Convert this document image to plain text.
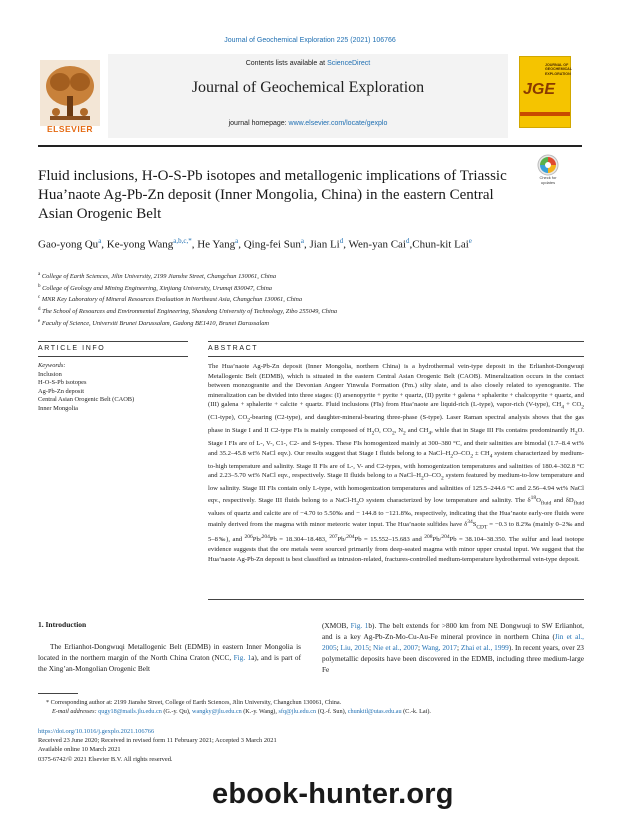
Journal of Geochemical Exploration 225 (2021) 106766
ELSEVIER
Contents lists available at ScienceDirect
Journal of Geochemical Exploration
journal homepage: www.elsevier.com/locate/gexplo
JOURNAL OF GEOCHEMICAL EXPLORATION
JGE
Fluid inclusions, H-O-S-Pb isotopes and metallogenic implications of Triassic Hua’naote Ag-Pb-Zn deposit (Inner Mongolia, China) in the eastern Central Asian Orogenic Belt
Check for updates
Gao-yong Qu$^a$, Ke-yong Wang$^{a,b,c,*}$, He Yang$^a$, Qing-fei Sun$^a$, Jian Li$^d$, Wen-yan Cai$^d$,Chun-kit Lai$^e$
$^a$ College of Earth Sciences, Jilin University, 2199 Jianshe Street, Changchun 130061, China
$^b$ College of Geology and Mining Engineering, Xinjiang University, Urumqi 830047, China
$^c$ MNR Key Laboratory of Mineral Resources Evaluation in Northeast Asia, Changchun 130061, China
$^d$ The School of Resources and Environmental Engineering, Shandong University of Technology, Zibo 255049, China
$^e$ Faculty of Science, Universiti Brunei Darussalam, Gadong BE1410, Brunei Darussalam
ARTICLE INFO	ABSTRACT
Keywords:
Inclusion
H-O-S-Pb isotopes
Ag-Pb-Zn deposit
Central Asian Orogenic Belt (CAOB)
Inner Mongolia
The Hua’naote Ag-Pb-Zn deposit (Inner Mongolia, northern China) is a hydrothermal vein-type deposit in the Erlianhot-Dongwuqi Metallogenic Belt (EDMB), which is situated in the eastern Central Asian Orogenic Belt (CAOB). Mineralization occurs in the contact between monzogranite and the Devonian Angeer Yinwula Formation (Fm.) silty slate, and is also closely related to syenogranite. The mineralization can be divided into three stages: (I) arsenopyrite + pyrite + quartz, (II) pyrite + galena + sphalerite + chalcopyrite + quartz, and (III) galena + sphalerite + calcite + quartz. Fluid inclusions (FIs) from Hua’naote are liquid-rich (L-type), vapor-rich (V-type), $CH_4 + CO_2$ (C1-type), $CO_2$-bearing (C2-type), and daughter-mineral-bearing three-phase (S-type). Laser Raman spectral analysis shows that the gas phase in Stage I and II C2-type FIs is mainly composed of $H_2O$, $CO_2$, $N_2$ and $CH_4$, while that in Stage III FIs contains predominantly $H_2O$. Stage I FIs are of L-, V-, C1-, C2- and S-types. These FIs homogenized mainly at 300–380 °C, and their salinities are bimodal (1.7–8.4 wt% and 35.2–45.8 wt% NaCl eqv.). Our results suggest that Stage I fluids belong to a NaCl–$H_2O-CO_2 \pm CH_4$ system characterized by medium-to-high temperature and salinity. Stage II FIs are of L-, V- and C2-types, with homogenization temperatures and salinities of 180.4–302.8 °C and 2.23–5.70 wt% NaCl eqv., respectively. Stage II fluids belong to a NaCl–$H_2O-CO_2$ system featured by medium-to-low temperature and low salinity. Stage III FIs contain only L-type, with homogenization temperatures and salinities of 125.5–244.6 °C and 2.56–4.94 wt% NaCl eqv., respectively. Stage III fluids belong to a NaCl-$H_2O$ system characterized by low temperature and salinity. The $\delta^{18}O_{fluid}$ and $\delta D_{fluid}$ values of quartz and calcite are of −4.70 to 5.50‰ and − 144.8 to −121.8‰, respectively, indicating that the Hua’naote early-ore fluids were mainly derived from the magma with minor meteoric water input. The Hua’naote sulfides have $\delta^{34}S_{CDT} = -0.3$ to 8.2‰ (mainly 0–2‰ and 5–8‰), and $^{206}$Pb/$^{204}$Pb = 18.304–18.483, $^{207}$Pb/$^{204}$Pb = 15.552–15.683 and $^{208}$Pb/$^{204}$Pb = 38.104–38.350. The sulfur and lead isotope evidence suggests that the ore metals were sourced primarily from deep-seated magma with minor upper crustal input. We suggest that the Hua’naote Ag-Pb-Zn deposit is best classified as intrusion-related, fractures-controlled medium-temperature hydrothermal vein-type deposit.
1. Introduction
The Erlianhot-Dongwuqi Metallogenic Belt (EDMB) in eastern Inner Mongolia is located in the northern margin of the North China Craton (NCC, Fig. 1a), and is part of the Xing’an-Mongolian Orogenic Belt
(XMOB, Fig. 1b). The belt extends for >800 km from NE Dongwuqi to SW Erlianhot, and is a key Ag-Pb-Zn-Mo-Cu-Au-Fe mineral province in northern China (Jin et al., 2005; Liu, 2015; Nie et al., 2007; Wang, 2017; Zhai et al., 1999). In recent years, over 23 polymetallic deposits have been discovered in the EDMB, including three medium-large Fe
* Corresponding author at: 2199 Jianshe Street, College of Earth Sciences, Jilin University, Changchun 130061, China.
E-mail addresses: qugy18@mails.jlu.edu.cn (G.-y. Qu), wangky@jlu.edu.cn (K.-y. Wang), sfq@jlu.edu.cn (Q.-f. Sun), chunkitl@utas.edu.au (C.-k. Lai).
https://doi.org/10.1016/j.gexplo.2021.106766
Received 23 June 2020; Received in revised form 11 February 2021; Accepted 3 March 2021
Available online 10 March 2021
0375-6742/© 2021 Elsevier B.V. All rights reserved.
ebook-hunter.org
